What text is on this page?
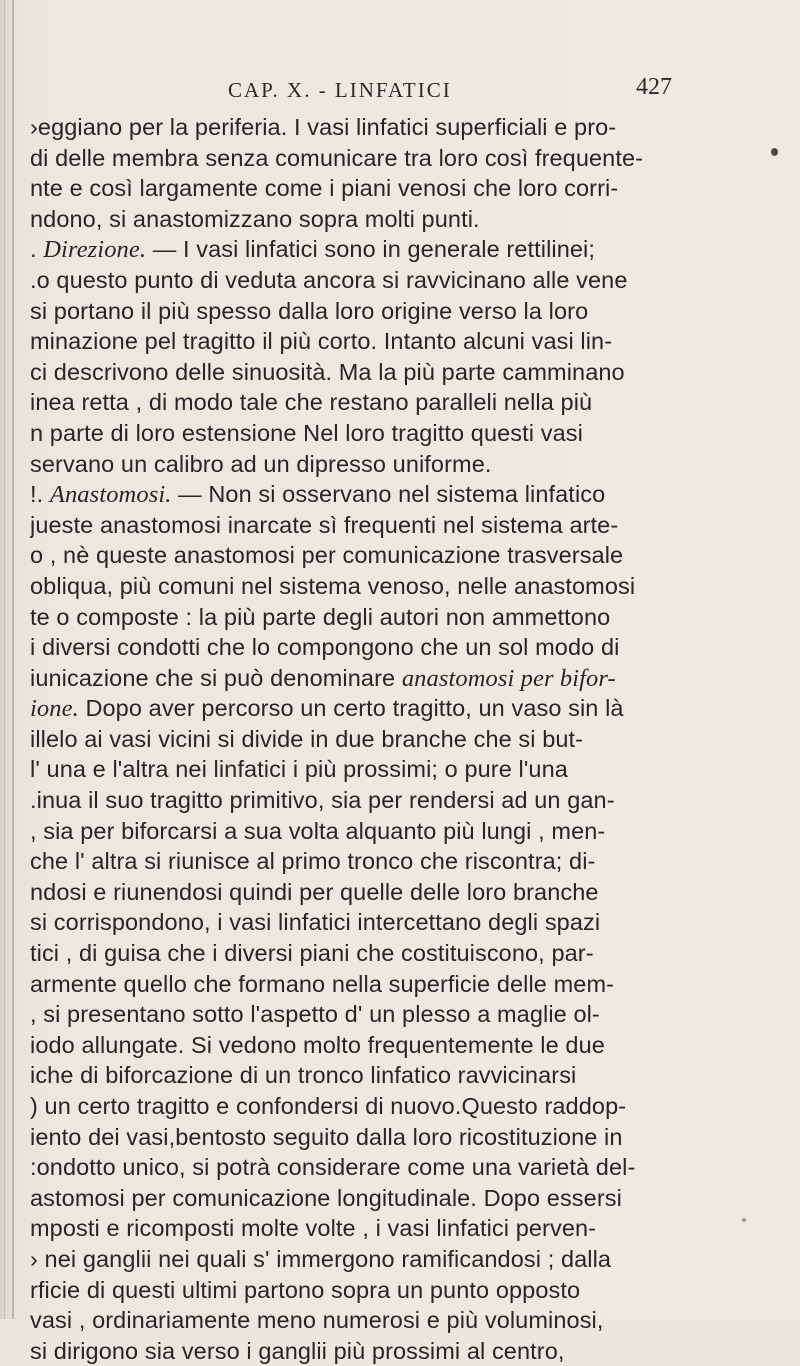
CAP. X. - LINFATICI	427
›eggiano per la periferia. I vasi linfatici superficiali e pro-
di delle membra senza comunicare tra loro così frequente-
nte e così largamente come i piani venosi che loro corri-
ndono, si anastomizzano sopra molti punti.
. Direzione. — I vasi linfatici sono in generale rettilinei;
.o questo punto di veduta ancora si ravvicinano alle vene
si portano il più spesso dalla loro origine verso la loro
minazione pel tragitto il più corto. Intanto alcuni vasi lin-
ci descrivono delle sinuosità. Ma la più parte camminano
inea retta , di modo tale che restano paralleli nella più
n parte di loro estensione Nel loro tragitto questi vasi
servano un calibro ad un dipresso uniforme.
!. Anastomosi. — Non si osservano nel sistema linfatico
jueste anastomosi inarcate sì frequenti nel sistema arte-
o , nè queste anastomosi per comunicazione trasversale
obliqua, più comuni nel sistema venoso, nelle anastomosi
te o composte : la più parte degli autori non ammettono
i diversi condotti che lo compongono che un sol modo di
iunicazione che si può denominare anastomosi per bifor-
ione. Dopo aver percorso un certo tragitto, un vaso sin là
illelo ai vasi vicini si divide in due branche che si but-
l' una e l'altra nei linfatici i più prossimi; o pure l'una
.inua il suo tragitto primitivo, sia per rendersi ad un gan-
, sia per biforcarsi a sua volta alquanto più lungi , men-
che l' altra si riunisce al primo tronco che riscontra; di-
ndosi e riunendosi quindi per quelle delle loro branche
si corrispondono, i vasi linfatici intercettano degli spazi
tici , di guisa che i diversi piani che costituiscono, par-
armente quello che formano nella superficie delle mem-
, si presentano sotto l'aspetto d' un plesso a maglie ol-
iodo allungate. Si vedono molto frequentemente le due
iche di biforcazione di un tronco linfatico ravvicinarsi
) un certo tragitto e confondersi di nuovo.Questo raddop-
iento dei vasi,bentosto seguito dalla loro ricostituzione in
:ondotto unico, si potrà considerare come una varietà del-
astomosi per comunicazione longitudinale. Dopo essersi
mposti e ricomposti molte volte , i vasi linfatici perven-
› nei ganglii nei quali s' immergono ramificandosi ; dalla
rficie di questi ultimi partono sopra un punto opposto
vasi , ordinariamente meno numerosi e più voluminosi,
si dirigono sia verso i ganglii più prossimi al centro,
